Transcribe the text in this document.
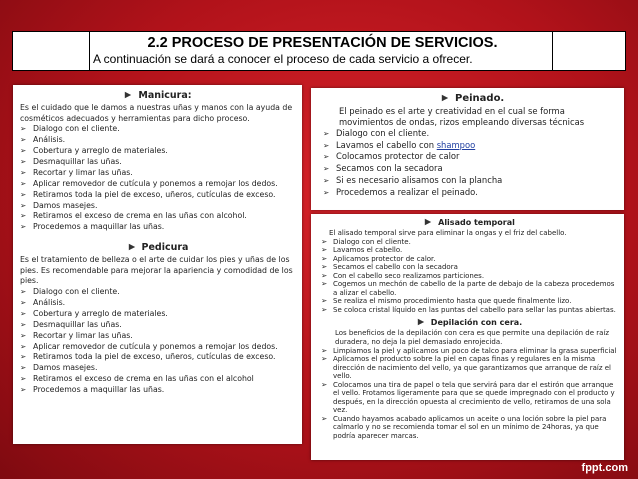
2.2 PROCESO DE PRESENTACIÓN DE SERVICIOS.
A continuación se dará a conocer el proceso de cada servicio a ofrecer.
Manicura:
Es el cuidado que le damos a nuestras uñas y manos con la ayuda de cosméticos adecuados y herramientas para dicho proceso.
➢ Dialogo con el cliente.
➢ Análisis.
➢ Cobertura y arreglo de materiales.
➢ Desmaquillar las uñas.
➢ Recortar y limar las uñas.
➢ Aplicar removedor de cutícula y ponemos a remojar los dedos.
➢ Retiramos toda la piel de exceso, uñeros, cutículas de exceso.
➢ Damos masejes.
➢ Retiramos el exceso de crema en las uñas con alcohol.
➢ Procedemos a maquillar las uñas.
Pedicura
Es el tratamiento de belleza o el arte de cuidar los pies y uñas de los pies. Es recomendable para mejorar la apariencia y comodidad de los pies.
➢ Dialogo con el cliente.
➢ Análisis.
➢ Cobertura y arreglo de materiales.
➢ Desmaquillar las uñas.
➢ Recortar y limar las uñas.
➢ Aplicar removedor de cutícula y ponemos a remojar los dedos.
➢ Retiramos toda la piel de exceso, uñeros, cutículas de exceso.
➢ Damos masejes.
➢ Retiramos el exceso de crema en las uñas con el alcohol
➢ Procedemos a maquillar las uñas.
Peinado.
El peinado es el arte y creatividad en el cual se forma movimientos de ondas, rizos empleando diversas técnicas
➢ Dialogo con el cliente.
➢ Lavamos el cabello con shampoo
➢ Colocamos protector de calor
➢ Secamos con la secadora
➢ Si es necesario alisamos con la plancha
➢ Procedemos a realizar el peinado.
Alisado temporal
El alisado temporal sirve para eliminar la ongas y el friz del cabello.
➢ Dialogo con el cliente.
➢ Lavamos el cabello.
➢ Aplicamos protector de calor.
➢ Secamos el cabello con la secadora
➢ Con el cabello seco realizamos particiones.
➢ Cogemos un mechón de cabello de la parte de debajo de la cabeza procedemos a alizar el cabello.
➢ Se realiza el mismo procedimiento hasta que quede finalmente lizo.
➢ Se coloca cristal líquido en las puntas del cabello para sellar las puntas abiertas.
Depilación con cera.
Los beneficios de la depilación con cera es que permite una depilación de raíz duradera, no deja la piel demasiado enrojecida.
➢ Limpiamos la piel y aplicamos un poco de talco para eliminar la grasa superficial
➢ Aplicamos el producto sobre la piel en capas finas y regulares en la misma dirección de nacimiento del vello, ya que garantizamos que arranque de raíz el vello.
➢ Colocamos una tira de papel o tela que servirá para dar el estirón que arranque el vello. Frotamos ligeramente para que se quede impregnado con el producto y después, en la dirección opuesta al crecimiento de vello, retiramos de una sola vez.
➢ Cuando hayamos acabado aplicamos un aceite o una loción sobre la piel para calmarlo y no se recomienda tomar el sol en un mínimo de 24horas, ya que podría aparecer marcas.
fppt.com
